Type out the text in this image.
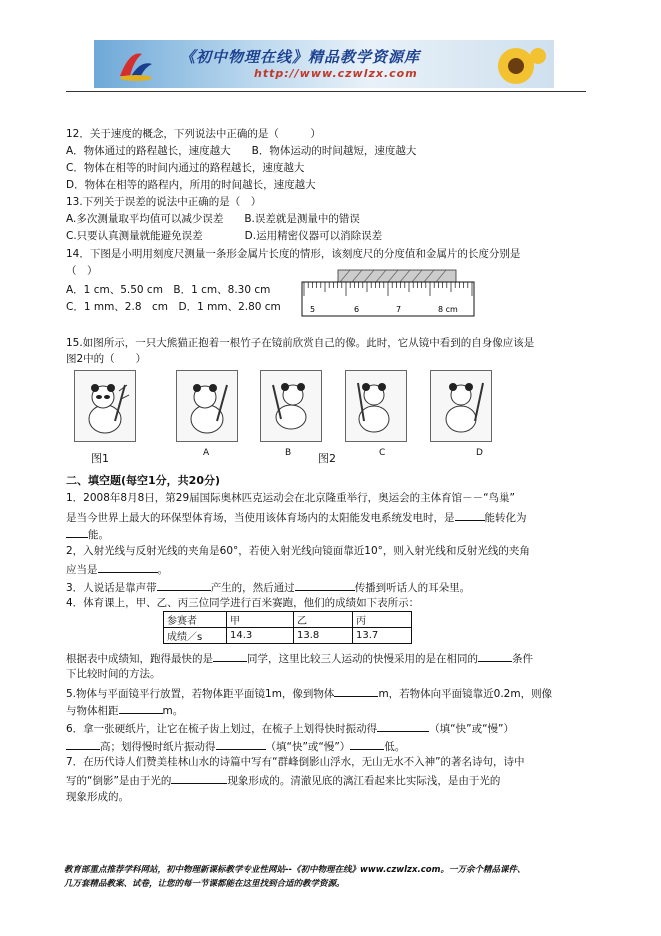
《初中物理在线》精品教学资源库
http://www.czwlzx.com
12．关于速度的概念，下列说法中正确的是（　　　）
A．物体通过的路程越长，速度越大　　B．物体运动的时间越短，速度越大
C．物体在相等的时间内通过的路程越长，速度越大
D．物体在相等的路程内，所用的时间越长，速度越大
13.下列关于误差的说法中正确的是（　）
A.多次测量取平均值可以减少误差　　B.误差就是测量中的错误
C.只要认真测量就能避免误差　　　　D.运用精密仪器可以消除误差
14．下图是小明用刻度尺测量一条形金属片长度的情形，该刻度尺的分度值和金属片的长度分别是
（　）
A．1 cm、5.50 cm　B．1 cm、8.30 cm
C．1 mm、2.8　cm　D．1 mm、2.80 cm	5	6	7	8 cm
15.如图所示，一只大熊猫正抱着一根竹子在镜前欣赏自己的像。此时，它从镜中看到的自身像应该是
图2中的（　　）
图1	A	B 图2	C	D
二、填空题(每空1分，共20分)
1．2008年8月8日，第29届国际奥林匹克运动会在北京隆重举行，奥运会的主体育馆－－“鸟巢”
是当今世界上最大的环保型体育场，当使用该体育场内的太阳能发电系统发电时，是	能转化为
能。
2，入射光线与反射光线的夹角是60°，若使入射光线向镜面靠近10°，则入射光线和反射光线的夹角
应当是	。
3．人说话是靠声带	产生的，然后通过	传播到听话人的耳朵里。
4．体育课上，甲、乙、丙三位同学进行百米赛跑，他们的成绩如下表所示：
参赛者	甲	乙	丙
成绩／s	14.3	13.8	13.7
根据表中成绩知，跑得最快的是	同学，这里比较三人运动的快慢采用的是在相同的	条件
下比较时间的方法。
5.物体与平面镜平行放置，若物体距平面镜1m，像到物体	m，若物体向平面镜靠近0.2m，则像
与物体相距	m。
6．拿一张硬纸片，让它在梳子齿上划过，在梳子上划得快时振动得	（填“快”或“慢”）
高；划得慢时纸片振动得	（填“快”或“慢”）	低。
7．在历代诗人们赞美桂林山水的诗篇中写有“群峰倒影山浮水，无山无水不入神”的著名诗句，诗中
写的“倒影”是由于光的	现象形成的。清澈见底的漓江看起来比实际浅，是由于光的
现象形成的。
教育部重点推荐学科网站，初中物理新课标教学专业性网站--《初中物理在线》www.czwlzx.com。一万余个精品课件、
几万套精品教案、试卷，让您的每一节课都能在这里找到合适的教学资源。
